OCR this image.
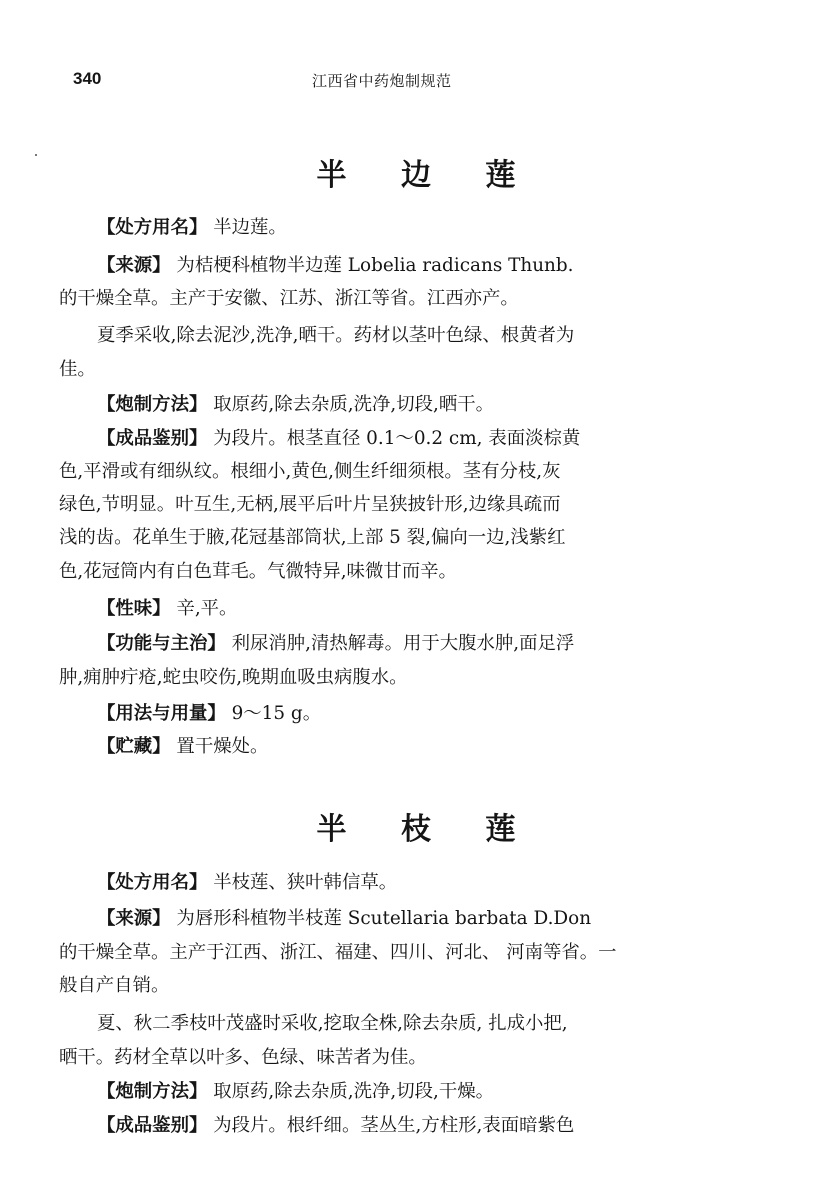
340	江西省中药炮制规范
半 边 莲
【处方用名】 半边莲。
【来源】 为桔梗科植物半边莲 Lobelia radicans Thunb.
的干燥全草。主产于安徽、江苏、浙江等省。江西亦产。
夏季采收,除去泥沙,洗净,晒干。药材以茎叶色绿、根黄者为
佳。
【炮制方法】 取原药,除去杂质,洗净,切段,晒干。
【成品鉴别】 为段片。根茎直径 0.1～0.2 cm, 表面淡棕黄
色,平滑或有细纵纹。根细小,黄色,侧生纤细须根。茎有分枝,灰
绿色,节明显。叶互生,无柄,展平后叶片呈狭披针形,边缘具疏而
浅的齿。花单生于腋,花冠基部筒状,上部 5 裂,偏向一边,浅紫红
色,花冠筒内有白色茸毛。气微特异,味微甘而辛。
【性味】 辛,平。
【功能与主治】 利尿消肿,清热解毒。用于大腹水肿,面足浮
肿,痈肿疔疮,蛇虫咬伤,晚期血吸虫病腹水。
【用法与用量】 9～15 g。
【贮藏】 置干燥处。
半 枝 莲
【处方用名】 半枝莲、狭叶韩信草。
【来源】 为唇形科植物半枝莲 Scutellaria barbata D.Don
的干燥全草。主产于江西、浙江、福建、四川、河北、 河南等省。一
般自产自销。
夏、秋二季枝叶茂盛时采收,挖取全株,除去杂质, 扎成小把,
晒干。药材全草以叶多、色绿、味苦者为佳。
【炮制方法】 取原药,除去杂质,洗净,切段,干燥。
【成品鉴别】 为段片。根纤细。茎丛生,方柱形,表面暗紫色
